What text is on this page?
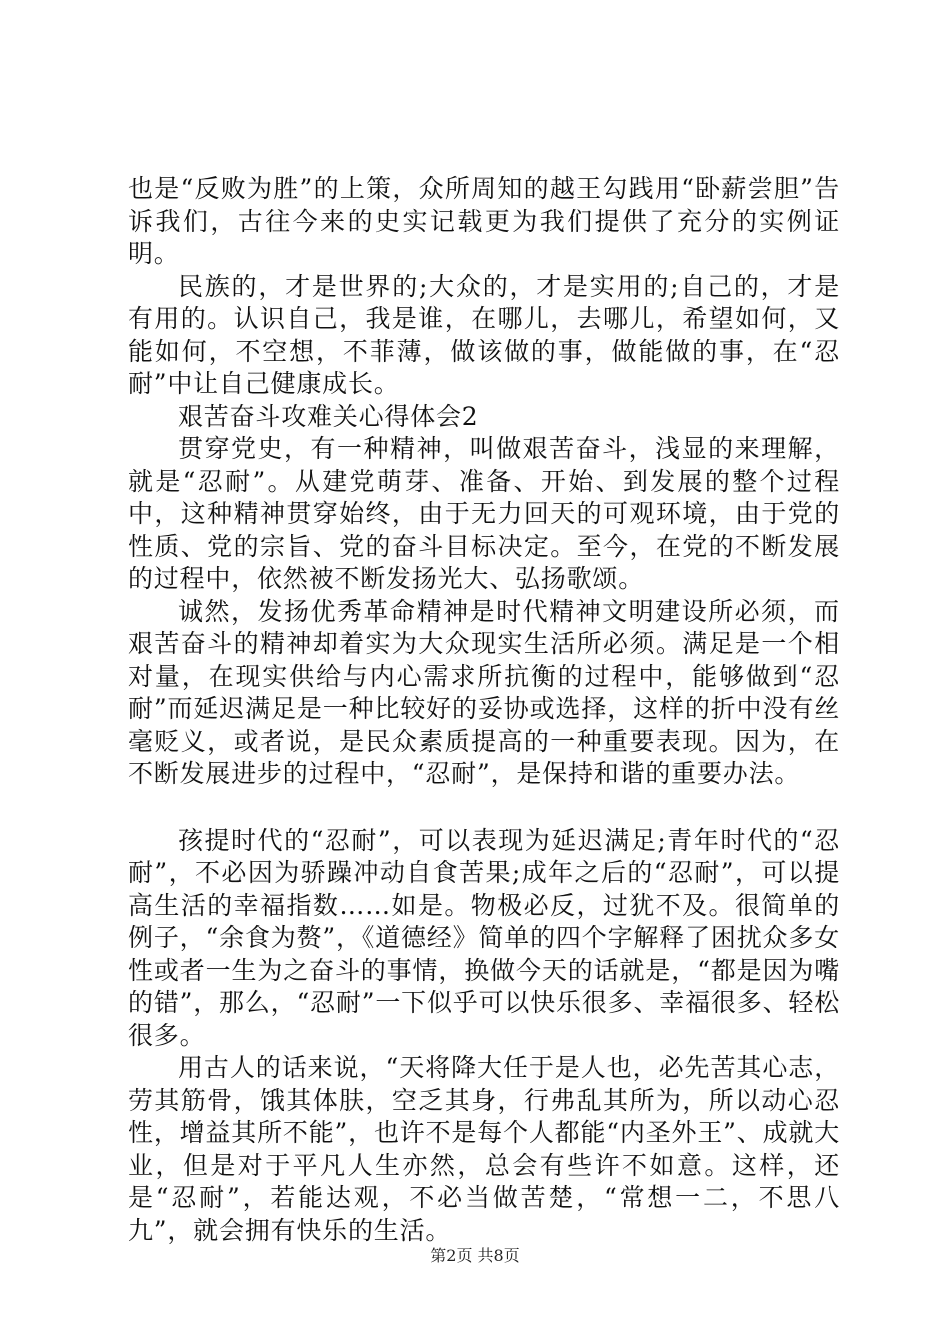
也是“反败为胜”的上策，众所周知的越王勾践用“卧薪尝胆”告诉我们，古往今来的史实记载更为我们提供了充分的实例证明。

民族的，才是世界的;大众的，才是实用的;自己的，才是有用的。认识自己，我是谁，在哪儿，去哪儿，希望如何，又能如何，不空想，不菲薄，做该做的事，做能做的事，在“忍耐”中让自己健康成长。

艰苦奋斗攻难关心得体会2

贯穿党史，有一种精神，叫做艰苦奋斗，浅显的来理解，就是“忍耐”。从建党萌芽、准备、开始、到发展的整个过程中，这种精神贯穿始终，由于无力回天的可观环境，由于党的性质、党的宗旨、党的奋斗目标决定。至今，在党的不断发展的过程中，依然被不断发扬光大、弘扬歌颂。

诚然，发扬优秀革命精神是时代精神文明建设所必须，而艰苦奋斗的精神却着实为大众现实生活所必须。满足是一个相对量，在现实供给与内心需求所抗衡的过程中，能够做到“忍耐”而延迟满足是一种比较好的妥协或选择，这样的折中没有丝毫贬义，或者说，是民众素质提高的一种重要表现。因为，在不断发展进步的过程中，“忍耐”，是保持和谐的重要办法。

孩提时代的“忍耐”，可以表现为延迟满足;青年时代的“忍耐”，不必因为骄躁冲动自食苦果;成年之后的“忍耐”，可以提高生活的幸福指数……如是。物极必反，过犹不及。很简单的例子，“余食为赘”，《道德经》简单的四个字解释了困扰众多女性或者一生为之奋斗的事情，换做今天的话就是，“都是因为嘴的错”，那么，“忍耐”一下似乎可以快乐很多、幸福很多、轻松很多。

用古人的话来说，“天将降大任于是人也，必先苦其心志，劳其筋骨，饿其体肤，空乏其身，行弗乱其所为，所以动心忍性，增益其所不能”，也许不是每个人都能“内圣外王”、成就大业，但是对于平凡人生亦然，总会有些许不如意。这样，还是“忍耐”，若能达观，不必当做苦楚，“常想一二，不思八九”，就会拥有快乐的生活。

第2页 共8页
